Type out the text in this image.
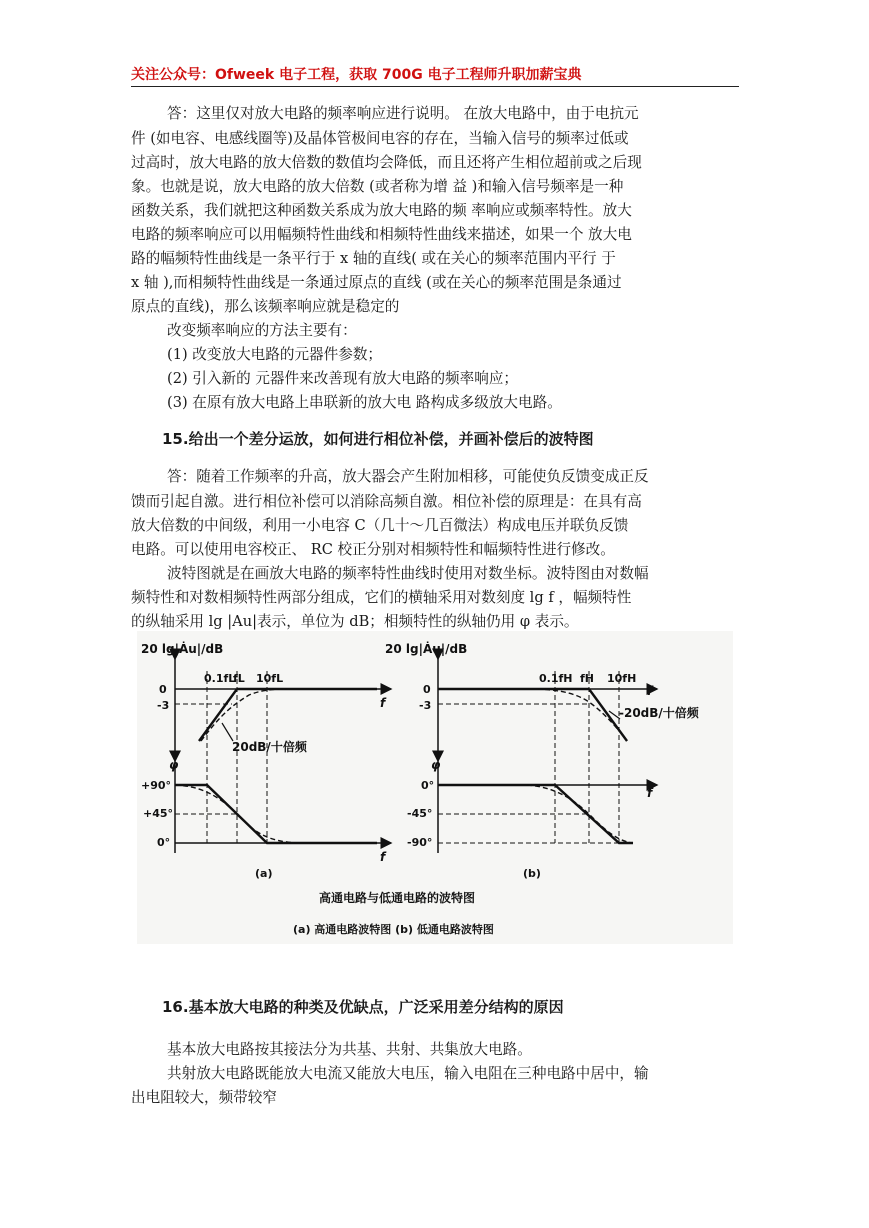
关注公众号：Ofweek 电子工程，获取 700G 电子工程师升职加薪宝典
答：这里仅对放大电路的频率响应进行说明。 在放大电路中，由于电抗元
件 (如电容、电感线圈等)及晶体管极间电容的存在，当输入信号的频率过低或
过高时，放大电路的放大倍数的数值均会降低，而且还将产生相位超前或之后现
象。也就是说，放大电路的放大倍数 (或者称为增 益 )和输入信号频率是一种
函数关系，我们就把这种函数关系成为放大电路的频 率响应或频率特性。放大
电路的频率响应可以用幅频特性曲线和相频特性曲线来描述，如果一个 放大电
路的幅频特性曲线是一条平行于 x 轴的直线( 或在关心的频率范围内平行 于
x 轴 ),而相频特性曲线是一条通过原点的直线 (或在关心的频率范围是条通过
原点的直线)，那么该频率响应就是稳定的
改变频率响应的方法主要有：
(1) 改变放大电路的元器件参数；
(2) 引入新的 元器件来改善现有放大电路的频率响应；
(3) 在原有放大电路上串联新的放大电 路构成多级放大电路。
15.给出一个差分运放，如何进行相位补偿，并画补偿后的波特图
答：随着工作频率的升高，放大器会产生附加相移，可能使负反馈变成正反
馈而引起自激。进行相位补偿可以消除高频自激。相位补偿的原理是：在具有高
放大倍数的中间级，利用一小电容 C（几十～几百微法）构成电压并联负反馈
电路。可以使用电容校正、 RC 校正分别对相频特性和幅频特性进行修改。
波特图就是在画放大电路的频率特性曲线时使用对数坐标。波特图由对数幅
频特性和对数相频特性两部分组成，它们的横轴采用对数刻度 lg f ，幅频特性
的纵轴采用 lg |Au|表示，单位为 dB；相频特性的纵轴仍用 φ 表示。
20 lg|Ȧu|/dB
0.1fL
fL 10fL
0
-3	f
20dB/十倍频
φ
+90°
+45°
0°
f
(a)
20 lg|Ȧu|/dB
0.1fH fH 10fH
0
-3
f
-20dB/十倍频
φ
0°
-45°
-90°
f
(b)
高通电路与低通电路的波特图
(a) 高通电路波特图 (b) 低通电路波特图
16.基本放大电路的种类及优缺点，广泛采用差分结构的原因
基本放大电路按其接法分为共基、共射、共集放大电路。
共射放大电路既能放大电流又能放大电压，输入电阻在三种电路中居中，输
出电阻较大，频带较窄
